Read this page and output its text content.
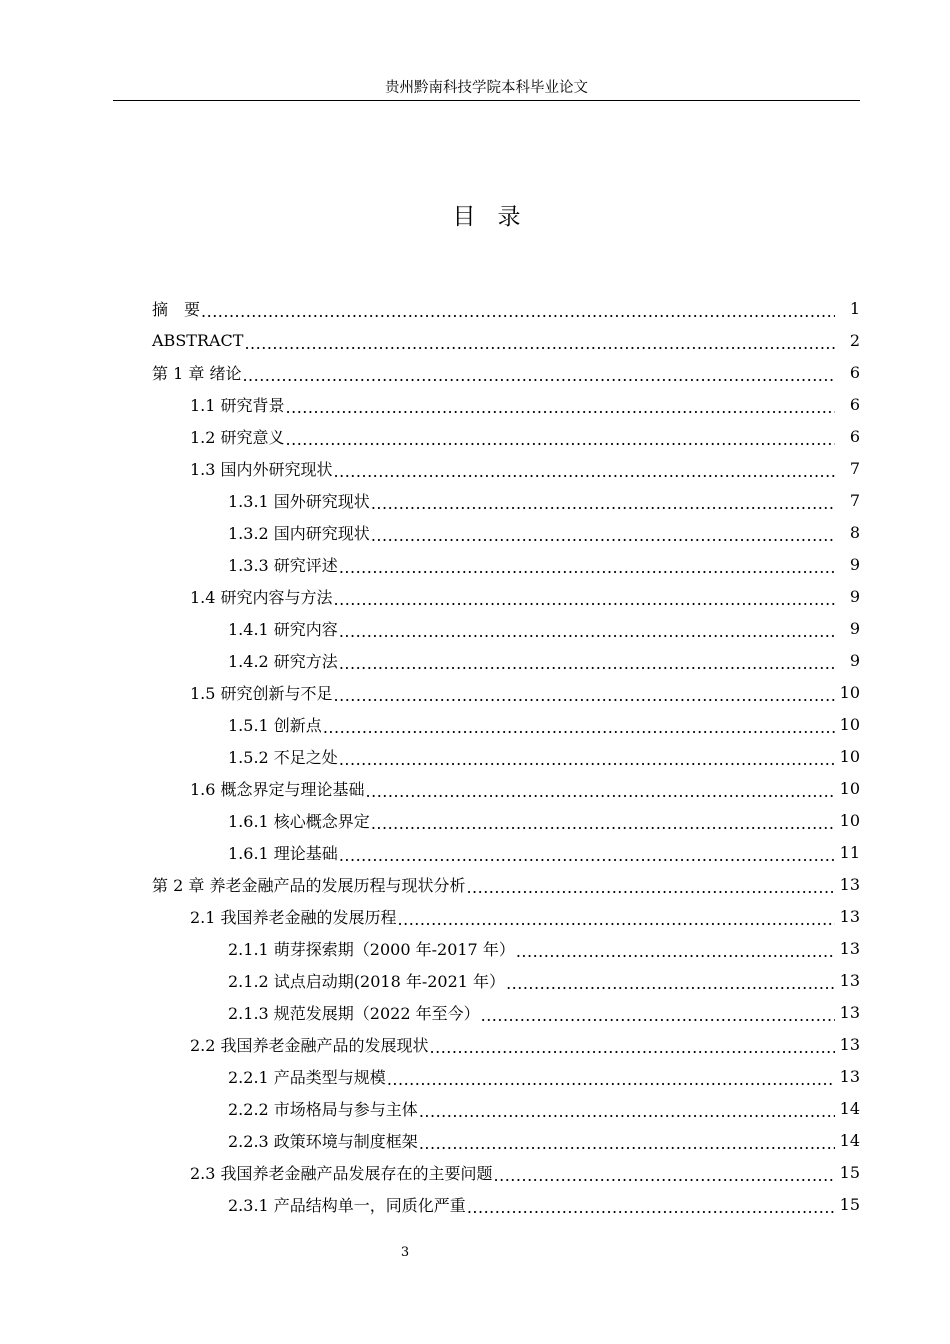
贵州黔南科技学院本科毕业论文
目 录
摘　要 .....	1
ABSTRACT .....	2
第 1 章 绪论 .....	6
1.1 研究背景 .....	6
1.2 研究意义 .....	6
1.3 国内外研究现状 .....	7
1.3.1 国外研究现状 .....	7
1.3.2 国内研究现状 .....	8
1.3.3 研究评述 .....	9
1.4 研究内容与方法 .....	9
1.4.1 研究内容 .....	9
1.4.2 研究方法 .....	9
1.5 研究创新与不足 .....	10
1.5.1 创新点 .....	10
1.5.2 不足之处 .....	10
1.6 概念界定与理论基础 .....	10
1.6.1 核心概念界定 .....	10
1.6.1 理论基础 .....	11
第 2 章 养老金融产品的发展历程与现状分析 .....	13
2.1 我国养老金融的发展历程 .....	13
2.1.1 萌芽探索期（2000 年-2017 年） .....	13
2.1.2 试点启动期(2018 年-2021 年） .....	13
2.1.3 规范发展期（2022 年至今） .....	13
2.2 我国养老金融产品的发展现状 .....	13
2.2.1 产品类型与规模 .....	13
2.2.2 市场格局与参与主体 .....	14
2.2.3 政策环境与制度框架 .....	14
2.3 我国养老金融产品发展存在的主要问题 .....	15
2.3.1 产品结构单一，同质化严重 .....	15
3
